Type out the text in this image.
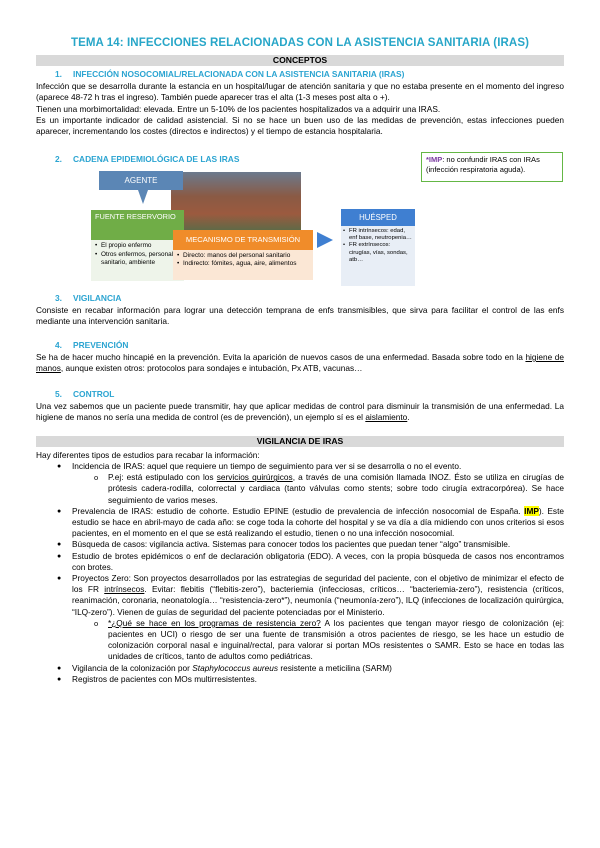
TEMA 14: INFECCIONES RELACIONADAS CON LA ASISTENCIA SANITARIA (IRAS)
CONCEPTOS
1. INFECCIÓN NOSOCOMIAL/RELACIONADA CON LA ASISTENCIA SANITARIA (IRAS)
Infección que se desarrolla durante la estancia en un hospital/lugar de atención sanitaria y que no estaba presente en el momento del ingreso (aparece 48-72 h tras el ingreso). También puede aparecer tras el alta (1-3 meses post alta o +).
Tienen una morbimortalidad: elevada. Entre un 5-10% de los pacientes hospitalizados va a adquirir una IRAS.
Es un importante indicador de calidad asistencial. Si no se hace un buen uso de las medidas de prevención, estas infecciones pueden aparecer, incrementando los costes (directos e indirectos) y el tiempo de estancia hospitalaria.
2. CADENA EPIDEMIOLÓGICA DE LAS IRAS	*IMP: no confundir IRAS con IRAs (infección respiratoria aguda).
AGENTE
FUENTE RESERVORIO
• El propio enfermo
• Otros enfermos, personal sanitario, ambiente
MECANISMO DE TRANSMISIÓN
• Directo: manos del personal sanitario
• Indirecto: fómites, agua, aire, alimentos
HUÉSPED
• FR intrínsecos: edad, enf base, neutropenia…
• FR extrínsecos: cirugías, vías, sondas, atb…
3. VIGILANCIA
Consiste en recabar información para lograr una detección temprana de enfs transmisibles, que sirva para facilitar el control de las enfs mediante una intervención sanitaria.
4. PREVENCIÓN
Se ha de hacer mucho hincapié en la prevención. Evita la aparición de nuevos casos de una enfermedad. Basada sobre todo en la higiene de manos, aunque existen otros: protocolos para sondajes e intubación, Px ATB, vacunas…
5. CONTROL
Una vez sabemos que un paciente puede transmitir, hay que aplicar medidas de control para disminuir la transmisión de una enfermedad. La higiene de manos no sería una medida de control (es de prevención), un ejemplo sí es el aislamiento.
VIGILANCIA DE IRAS
Hay diferentes tipos de estudios para recabar la información:
● Incidencia de IRAS: aquel que requiere un tiempo de seguimiento para ver si se desarrolla o no el evento.
o P.ej: está estipulado con los servicios quirúrgicos, a través de una comisión llamada INOZ. Ésto se utiliza en cirugías de prótesis cadera-rodilla, colorrectal y cardiaca (tanto válvulas como stents; sobre todo cirugía extracorpórea). Se hace seguimiento de varios meses.
● Prevalencia de IRAS: estudio de cohorte. Estudio EPINE (estudio de prevalencia de infección nosocomial de España. IMP). Este estudio se hace en abril-mayo de cada año: se coge toda la cohorte del hospital y se va día a día midiendo con unos criterios si esos pacientes, en el momento en el que se está realizando el estudio, tienen o no una infección nosocomial.
● Búsqueda de casos: vigilancia activa. Sistemas para conocer todos los pacientes que puedan tener “algo” transmisible.
● Estudio de brotes epidémicos o enf de declaración obligatoria (EDO). A veces, con la propia búsqueda de casos nos encontramos con brotes.
● Proyectos Zero: Son proyectos desarrollados por las estrategias de seguridad del paciente, con el objetivo de minimizar el efecto de los FR intrínsecos. Evitar: flebitis (“flebitis-zero”), bacteriemia (infecciosas, críticos… “bacteriemia-zero”), resistencia (críticos, reanimación, coronaria, neonatología… “resistencia-zero*”), neumonía (“neumonía-zero”), ILQ (infecciones de localización quirúrgica, “ILQ-zero”). Vienen de guías de seguridad del paciente potenciadas por el Ministerio.
o *¿Qué se hace en los programas de resistencia zero? A los pacientes que tengan mayor riesgo de colonización (ej: pacientes en UCI) o riesgo de ser una fuente de transmisión a otros pacientes de riesgo, se les hace un estudio de colonización corporal nasal e inguinal/rectal, para valorar si portan MOs resistentes o SAMR. Esto se hace en todas las unidades de críticos, tanto de adultos como pediátricas.
● Vigilancia de la colonización por Staphylococcus aureus resistente a meticilina (SARM)
● Registros de pacientes con MOs multirresistentes.
